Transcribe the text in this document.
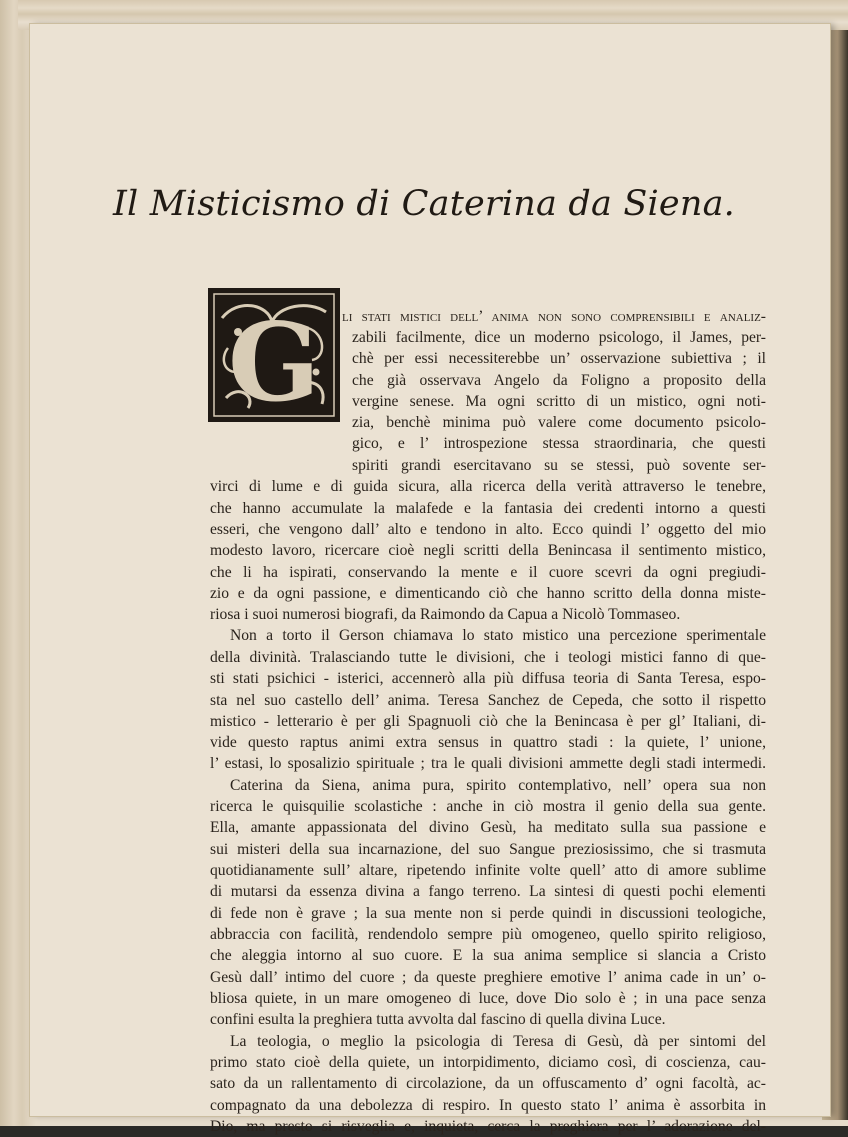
Il Misticismo di Caterina da Siena.
G li stati mistici dell’ anima non sono comprensibili e analiz-
zabili facilmente, dice un moderno psicologo, il James, per-
chè per essi necessiterebbe un’ osservazione subiettiva ; il
che già osservava Angelo da Foligno a proposito della
vergine senese. Ma ogni scritto di un mistico, ogni noti-
zia, benchè minima può valere come documento psicolo-
gico, e l’ introspezione stessa straordinaria, che questi
spiriti grandi esercitavano su se stessi, può sovente ser-
virci di lume e di guida sicura, alla ricerca della verità attraverso le tenebre,
che hanno accumulate la malafede e la fantasia dei credenti intorno a questi
esseri, che vengono dall’ alto e tendono in alto. Ecco quindi l’ oggetto del mio
modesto lavoro, ricercare cioè negli scritti della Benincasa il sentimento mistico,
che li ha ispirati, conservando la mente e il cuore scevri da ogni pregiudi-
zio e da ogni passione, e dimenticando ciò che hanno scritto della donna miste-
riosa i suoi numerosi biografi, da Raimondo da Capua a Nicolò Tommaseo.
Non a torto il Gerson chiamava lo stato mistico una percezione sperimentale
della divinità. Tralasciando tutte le divisioni, che i teologi mistici fanno di que-
sti stati psichici - isterici, accennerò alla più diffusa teoria di Santa Teresa, espo-
sta nel suo castello dell’ anima. Teresa Sanchez de Cepeda, che sotto il rispetto
mistico - letterario è per gli Spagnuoli ciò che la Benincasa è per gl’ Italiani, di-
vide questo raptus animi extra sensus in quattro stadi : la quiete, l’ unione,
l’ estasi, lo sposalizio spirituale ; tra le quali divisioni ammette degli stadi intermedi.
Caterina da Siena, anima pura, spirito contemplativo, nell’ opera sua non
ricerca le quisquilie scolastiche : anche in ciò mostra il genio della sua gente.
Ella, amante appassionata del divino Gesù, ha meditato sulla sua passione e
sui misteri della sua incarnazione, del suo Sangue preziosissimo, che si trasmuta
quotidianamente sull’ altare, ripetendo infinite volte quell’ atto di amore sublime
di mutarsi da essenza divina a fango terreno. La sintesi di questi pochi elementi
di fede non è grave ; la sua mente non si perde quindi in discussioni teologiche,
abbraccia con facilità, rendendolo sempre più omogeneo, quello spirito religioso,
che aleggia intorno al suo cuore. E la sua anima semplice si slancia a Cristo
Gesù dall’ intimo del cuore ; da queste preghiere emotive l’ anima cade in un’ o-
bliosa quiete, in un mare omogeneo di luce, dove Dio solo è ; in una pace senza
confini esulta la preghiera tutta avvolta dal fascino di quella divina Luce.
La teologia, o meglio la psicologia di Teresa di Gesù, dà per sintomi del
primo stato cioè della quiete, un intorpidimento, diciamo così, di coscienza, cau-
sato da un rallentamento di circolazione, da un offuscamento d’ ogni facoltà, ac-
compagnato da una debolezza di respiro. In questo stato l’ anima è assorbita in
Dio, ma presto si risveglia e, inquieta, cerca la preghiera per l’ adorazione del-
